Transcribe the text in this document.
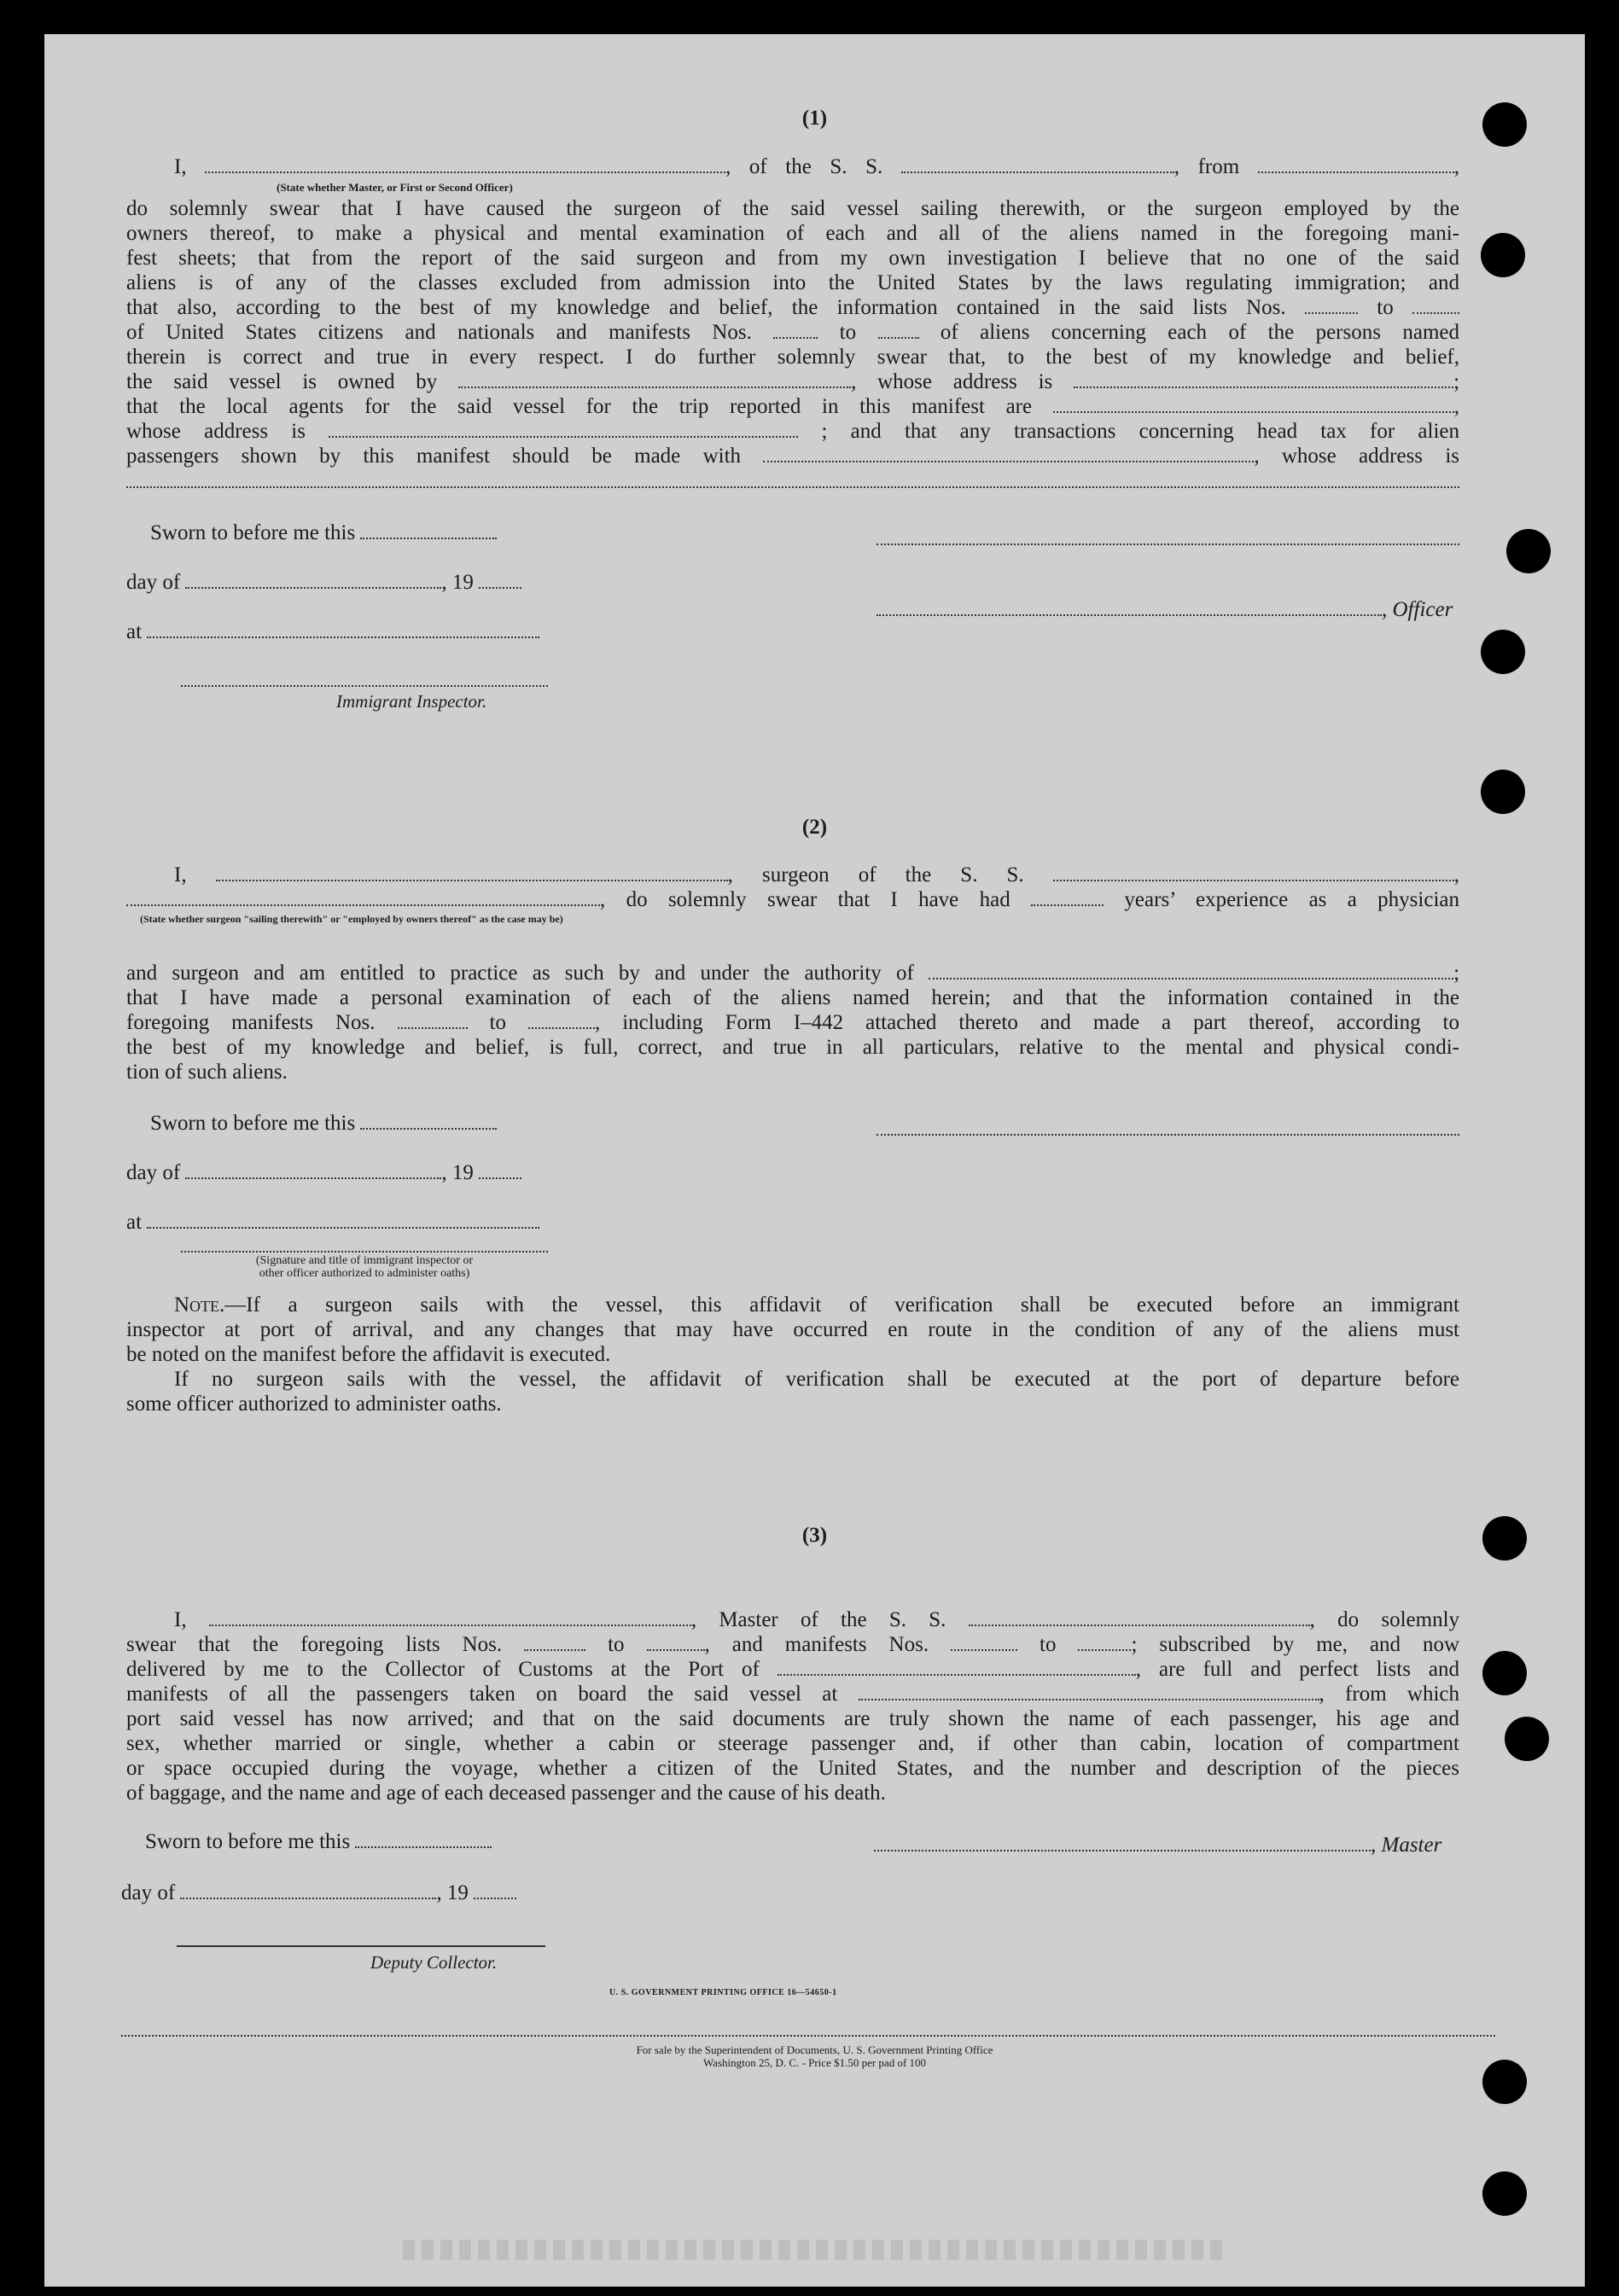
(1)
I,	, of the S. S.	, from	,
(State whether Master, or First or Second Officer)
do solemnly swear that I have caused the surgeon of the said vessel sailing therewith, or the surgeon employed by the
owners thereof, to make a physical and mental examination of each and all of the aliens named in the foregoing mani-
fest sheets; that from the report of the said surgeon and from my own investigation I believe that no one of the said
aliens is of any of the classes excluded from admission into the United States by the laws regulating immigration; and
that also, according to the best of my knowledge and belief, the information contained in the said lists Nos.	to
of United States citizens and nationals and manifests Nos.	to	of aliens concerning each of the persons named
therein is correct and true in every respect. I do further solemnly swear that, to the best of my knowledge and belief,
the said vessel is owned by	, whose address is	;
that the local agents for the said vessel for the trip reported in this manifest are	,
whose address is	; and that any transactions concerning head tax for alien
passengers shown by this manifest should be made with	, whose address is
Sworn to before me this
day of	, 19
, Officer
at
Immigrant Inspector.
(2)
I,	, surgeon of the S. S.	,
, do solemnly swear that I have had	years’ experience as a physician
(State whether surgeon "sailing therewith" or "employed by owners thereof" as the case may be)
and surgeon and am entitled to practice as such by and under the authority of	;
that I have made a personal examination of each of the aliens named herein; and that the information contained in the
foregoing manifests Nos.	to	, including Form I–442 attached thereto and made a part thereof, according to
the best of my knowledge and belief, is full, correct, and true in all particulars, relative to the mental and physical condi-
tion of such aliens.
Sworn to before me this
day of	, 19
at
(Signature and title of immigrant inspector or
other officer authorized to administer oaths)
Note.—If a surgeon sails with the vessel, this affidavit of verification shall be executed before an immigrant
inspector at port of arrival, and any changes that may have occurred en route in the condition of any of the aliens must
be noted on the manifest before the affidavit is executed.
If no surgeon sails with the vessel, the affidavit of verification shall be executed at the port of departure before
some officer authorized to administer oaths.
(3)
I,	, Master of the S. S.	, do solemnly
swear that the foregoing lists Nos.	to	, and manifests Nos.	to	; subscribed by me, and now
delivered by me to the Collector of Customs at the Port of	, are full and perfect lists and
manifests of all the passengers taken on board the said vessel at	, from which
port said vessel has now arrived; and that on the said documents are truly shown the name of each passenger, his age and
sex, whether married or single, whether a cabin or steerage passenger and, if other than cabin, location of compartment
or space occupied during the voyage, whether a citizen of the United States, and the number and description of the pieces
of baggage, and the name and age of each deceased passenger and the cause of his death.
Sworn to before me this	, Master
day of	, 19
Deputy Collector.
U. S. GOVERNMENT PRINTING OFFICE 16—54650-1
For sale by the Superintendent of Documents, U. S. Government Printing Office
Washington 25, D. C. - Price $1.50 per pad of 100
